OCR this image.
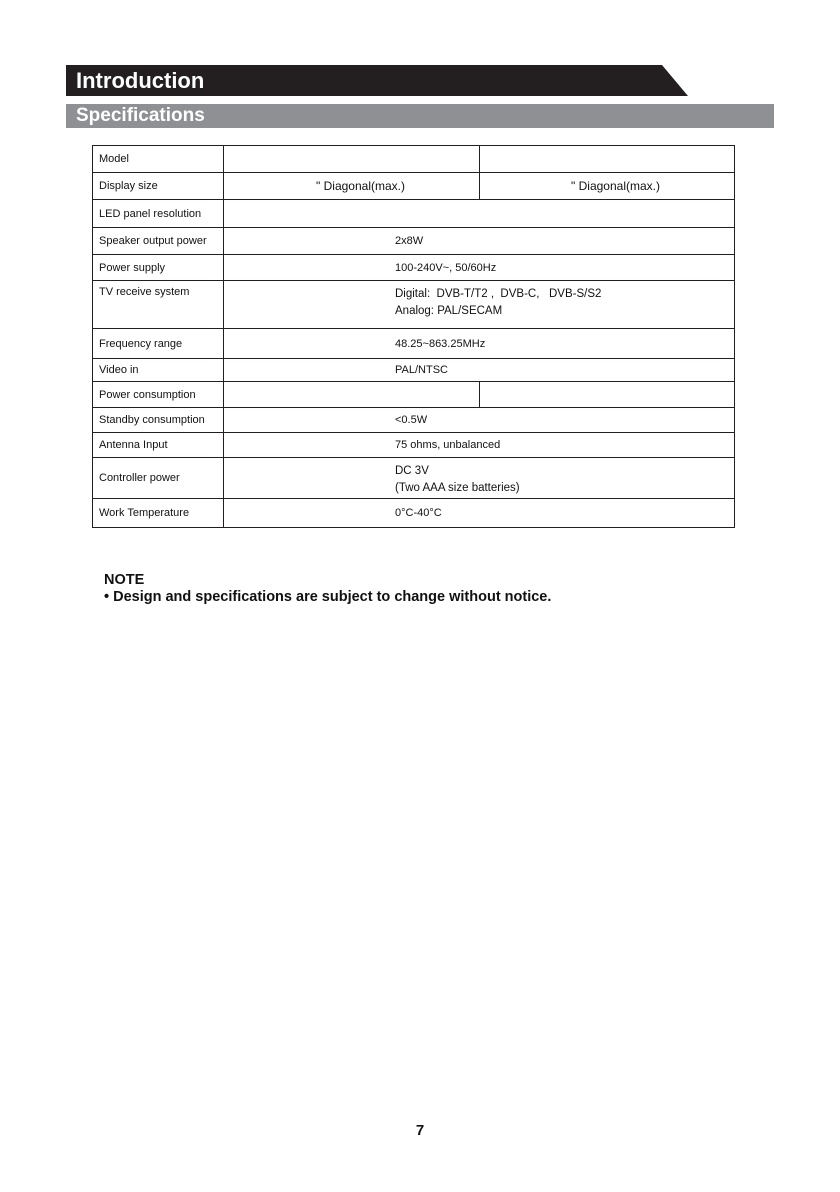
Introduction
Specifications
Model		
Display size	" Diagonal(max.)	" Diagonal(max.)
LED panel resolution		
Speaker output power	2x8W	
Power supply	100-240V~, 50/60Hz	
TV receive system	Digital:  DVB-T/T2 ,  DVB-C,   DVB-S/S2
Analog: PAL/SECAM	

Frequency range	48.25~863.25MHz	
Video in	PAL/NTSC	
Power consumption		
Standby consumption	<0.5W	
Antenna Input	75 ohms, unbalanced	
Controller power	DC 3V
(Two AAA size batteries)	

Work Temperature	0°C-40°C	
NOTE
• Design and specifications are subject to change without notice.
7
